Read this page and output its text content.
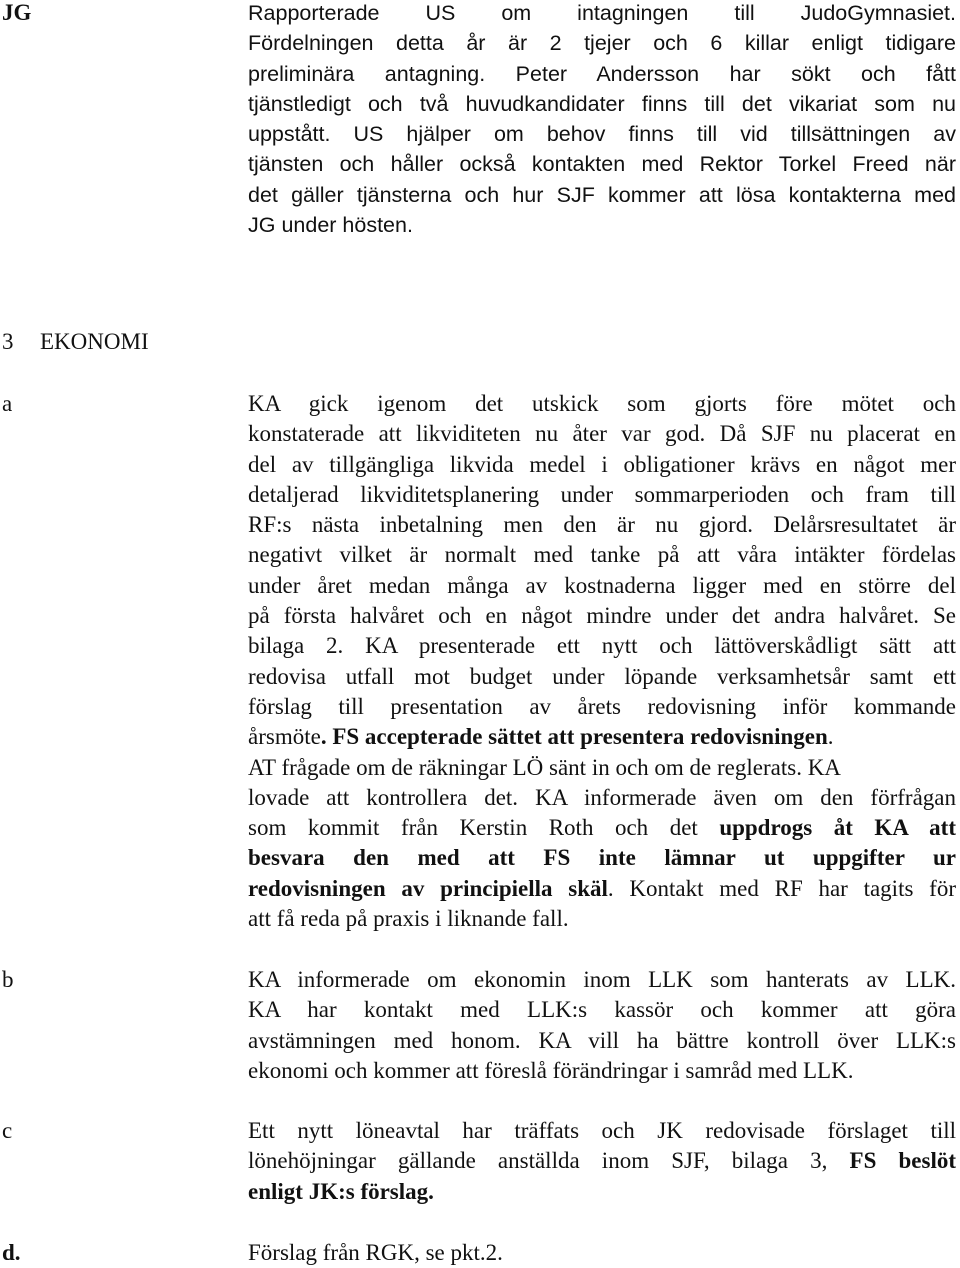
JG	Rapporterade US om intagningen till JudoGymnasiet.
Fördelningen detta år är 2 tjejer och 6 killar enligt tidigare
preliminära antagning. Peter Andersson har sökt och fått
tjänstledigt och två huvudkandidater finns till det vikariat som nu
uppstått. US hjälper om behov finns till vid tillsättningen av
tjänsten och håller också kontakten med Rektor Torkel Freed när
det gäller tjänsterna och hur SJF kommer att lösa kontakterna med
JG under hösten.
3 EKONOMI
a	KA gick igenom det utskick som gjorts före mötet och
konstaterade att likviditeten nu åter var god. Då SJF nu placerat en
del av tillgängliga likvida medel i obligationer krävs en något mer
detaljerad likviditetsplanering under sommarperioden och fram till
RF:s nästa inbetalning men den är nu gjord. Delårsresultatet är
negativt vilket är normalt med tanke på att våra intäkter fördelas
under året medan många av kostnaderna ligger med en större del
på första halvåret och en något mindre under det andra halvåret. Se
bilaga 2. KA presenterade ett nytt och lättöverskådligt sätt att
redovisa utfall mot budget under löpande verksamhetsår samt ett
förslag till presentation av årets redovisning inför kommande
årsmöte. FS accepterade sättet att presentera redovisningen.
AT frågade om de räkningar LÖ sänt in och om de reglerats. KA
lovade att kontrollera det. KA informerade även om den förfrågan
som kommit från Kerstin Roth och det uppdrogs åt KA att
besvara den med att FS inte lämnar ut uppgifter ur
redovisningen av principiella skäl. Kontakt med RF har tagits för
att få reda på praxis i liknande fall.
b	KA informerade om ekonomin inom LLK som hanterats av LLK.
KA har kontakt med LLK:s kassör och kommer att göra
avstämningen med honom. KA vill ha bättre kontroll över LLK:s
ekonomi och kommer att föreslå förändringar i samråd med LLK.
c	Ett nytt löneavtal har träffats och JK redovisade förslaget till
lönehöjningar gällande anställda inom SJF, bilaga 3, FS beslöt
enligt JK:s förslag.
d.	Förslag från RGK, se pkt.2.
